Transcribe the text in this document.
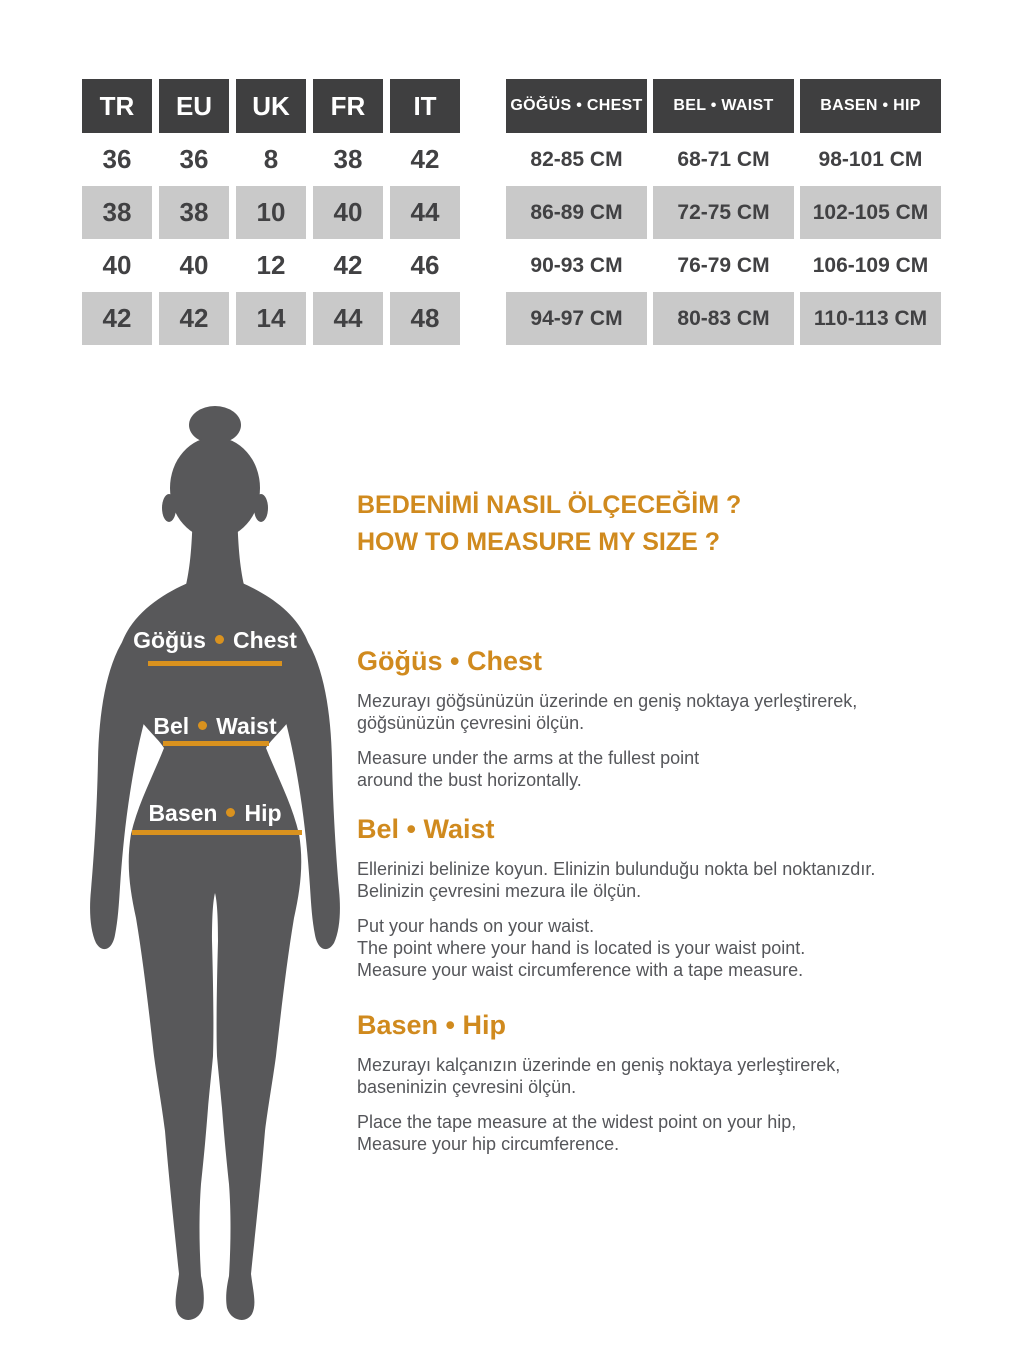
TR	EU	UK	FR	IT
36	36	8	38	42
38	38	10	40	44
40	40	12	42	46
42	42	14	44	48
GÖĞÜS • CHEST	BEL • WAIST	BASEN • HIP
82-85 CM	68-71 CM	98-101 CM
86-89 CM	72-75 CM	102-105 CM
90-93 CM	76-79 CM	106-109 CM
94-97 CM	80-83 CM	110-113 CM
Göğüs Chest
Bel Waist
Basen Hip
BEDENİMİ NASIL ÖLÇECEĞİM ?
HOW TO MEASURE MY SIZE ?
Göğüs • Chest
Mezurayı göğsünüzün üzerinde en geniş noktaya yerleştirerek,
göğsünüzün çevresini ölçün.
Measure under the arms at the fullest point
around the bust horizontally.
Bel • Waist
Ellerinizi belinize koyun. Elinizin bulunduğu nokta bel noktanızdır.
Belinizin çevresini mezura ile ölçün.
Put your hands on your waist.
The point where your hand is located is your waist point.
Measure your waist circumference with a tape measure.
Basen • Hip
Mezurayı kalçanızın üzerinde en geniş noktaya yerleştirerek,
baseninizin çevresini ölçün.
Place the tape measure at the widest point on your hip,
Measure your hip circumference.
